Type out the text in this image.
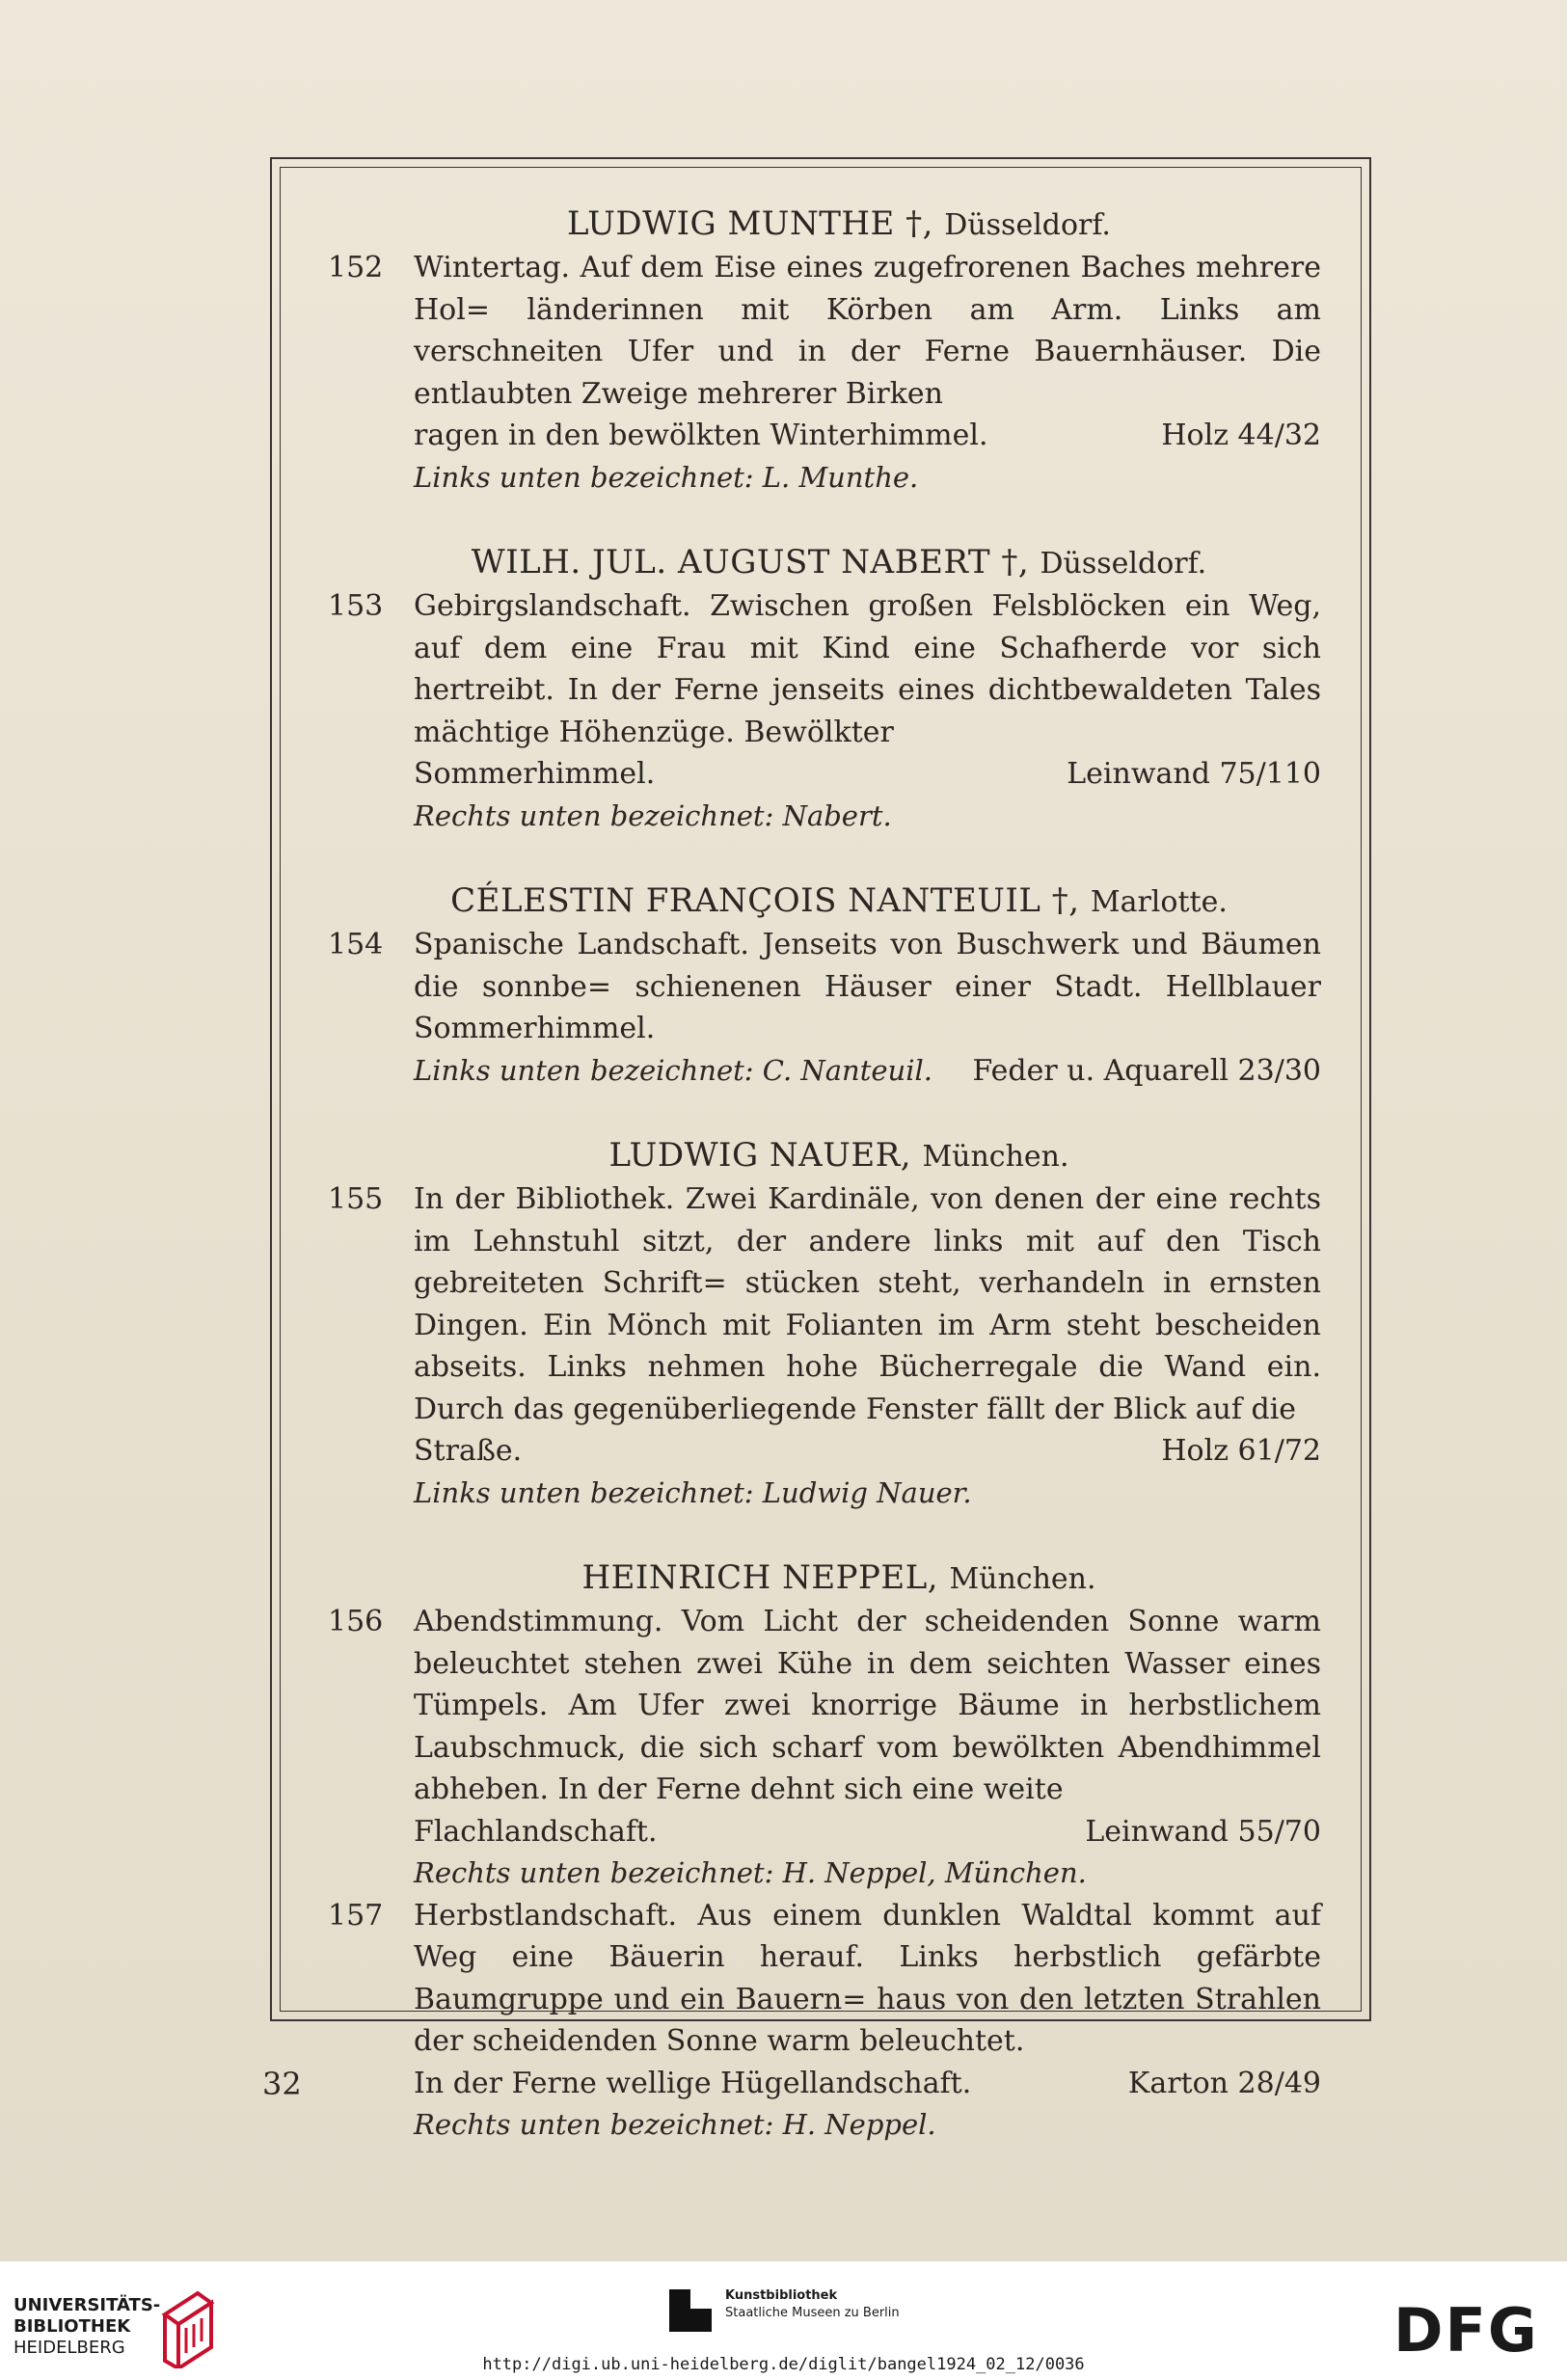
LUDWIG MUNTHE †, Düsseldorf.

152 Wintertag. Auf dem Eise eines zugefrorenen Baches mehrere Hol= länderinnen mit Körben am Arm. Links am verschneiten Ufer und in der Ferne Bauernhäuser. Die entlaubten Zweige mehrerer Birken

ragen in den bewölkten Winterhimmel.	Holz 44/32

Links unten bezeichnet: L. Munthe.

WILH. JUL. AUGUST NABERT †, Düsseldorf.

153 Gebirgslandschaft. Zwischen großen Felsblöcken ein Weg, auf dem eine Frau mit Kind eine Schafherde vor sich hertreibt. In der Ferne jenseits eines dichtbewaldeten Tales mächtige Höhenzüge. Bewölkter

Sommerhimmel.	Leinwand 75/110

Rechts unten bezeichnet: Nabert.

CÉLESTIN FRANÇOIS NANTEUIL †, Marlotte.

154 Spanische Landschaft. Jenseits von Buschwerk und Bäumen die sonnbe= schienenen Häuser einer Stadt. Hellblauer Sommerhimmel.

Links unten bezeichnet: C. Nanteuil. Feder u. Aquarell 23/30

LUDWIG NAUER, München.

155 In der Bibliothek. Zwei Kardinäle, von denen der eine rechts im Lehnstuhl sitzt, der andere links mit auf den Tisch gebreiteten Schrift= stücken steht, verhandeln in ernsten Dingen. Ein Mönch mit Folianten im Arm steht bescheiden abseits. Links nehmen hohe Bücherregale die Wand ein. Durch das gegenüberliegende Fenster fällt der Blick auf die

Straße.	Holz 61/72

Links unten bezeichnet: Ludwig Nauer.

HEINRICH NEPPEL, München.

156 Abendstimmung. Vom Licht der scheidenden Sonne warm beleuchtet stehen zwei Kühe in dem seichten Wasser eines Tümpels. Am Ufer zwei knorrige Bäume in herbstlichem Laubschmuck, die sich scharf vom bewölkten Abendhimmel abheben. In der Ferne dehnt sich eine weite

Flachlandschaft.	Leinwand 55/70

Rechts unten bezeichnet: H. Neppel, München.

157 Herbstlandschaft. Aus einem dunklen Waldtal kommt auf Weg eine Bäuerin herauf. Links herbstlich gefärbte Baumgruppe und ein Bauern= haus von den letzten Strahlen der scheidenden Sonne warm beleuchtet.

In der Ferne wellige Hügellandschaft.	Karton 28/49

Rechts unten bezeichnet: H. Neppel.

32
UNIVERSITÄTS-
BIBLIOTHEK
HEIDELBERG
Kunstbibliothek
Staatliche Museen zu Berlin	DFG
http://digi.ub.uni-heidelberg.de/diglit/bangel1924_02_12/0036
